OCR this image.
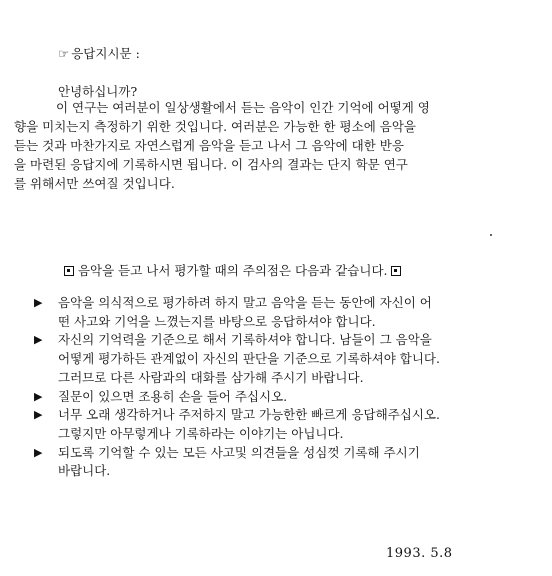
☞ 응답지시문 :
안녕하십니까?
이 연구는 여러분이 일상생활에서 듣는 음악이 인간 기억에 어떻게 영
향을 미치는지 측정하기 위한 것입니다. 여러분은 가능한 한 평소에 음악을
듣는 것과 마찬가지로 자연스럽게 음악을 듣고 나서 그 음악에 대한 반응
을 마련된 응답지에 기록하시면 됩니다. 이 검사의 결과는 단지 학문 연구
를 위해서만 쓰여질 것입니다.
음악을 듣고 나서 평가할 때의 주의점은 다음과 같습니다.
▶ 음악을 의식적으로 평가하려 하지 말고 음악을 듣는 동안에 자신이 어
떤 사고와 기억을 느꼈는지를 바탕으로 응답하셔야 합니다.
▶ 자신의 기억력을 기준으로 해서 기록하셔야 합니다. 남들이 그 음악을
어떻게 평가하든 관계없이 자신의 판단을 기준으로 기록하셔야 합니다.
그러므로 다른 사람과의 대화를 삼가해 주시기 바랍니다.
▶ 질문이 있으면 조용히 손을 들어 주십시오.
▶ 너무 오래 생각하거나 주저하지 말고 가능한한 빠르게 응답해주십시오.
그렇지만 아무렇게나 기록하라는 이야기는 아닙니다.
▶ 되도록 기억할 수 있는 모든 사고및 의견들을 성심껏 기록해 주시기
바랍니다.
1993. 5.8
